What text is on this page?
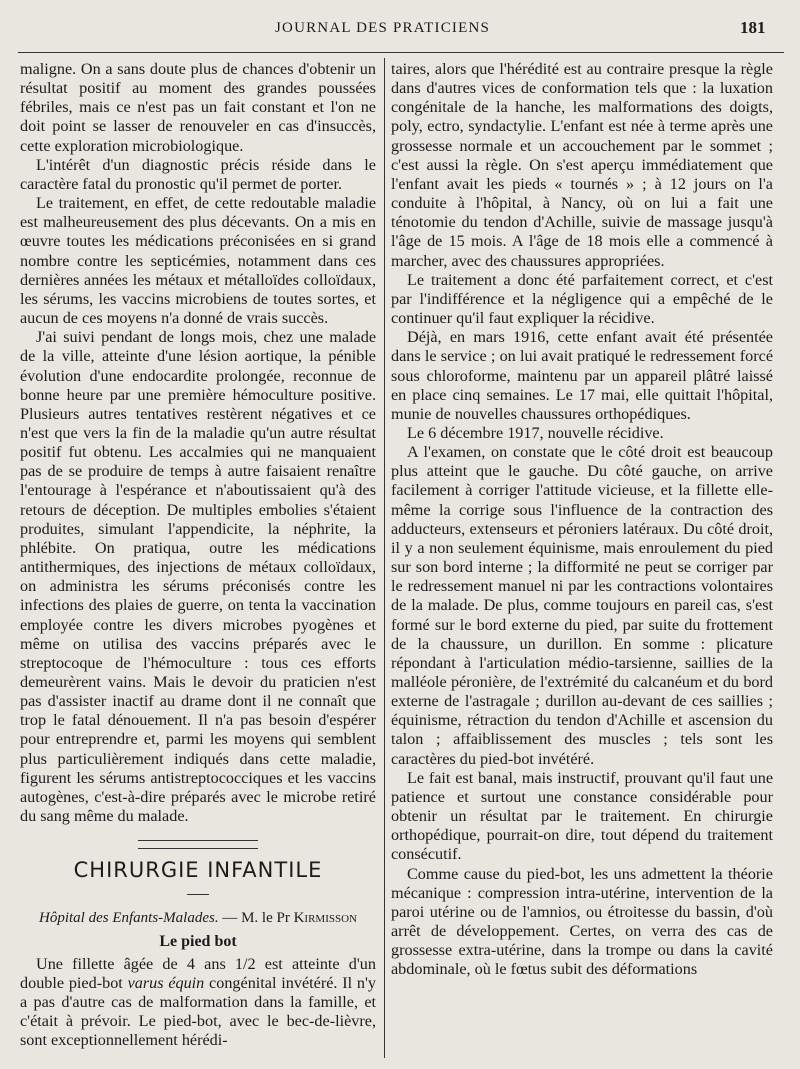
JOURNAL DES PRATICIENS	181

maligne. On a sans doute plus de chances d'obtenir un résultat positif au moment des grandes poussées fébriles, mais ce n'est pas un fait constant et l'on ne doit point se lasser de renouveler en cas d'insuccès, cette exploration microbiologique.

L'intérêt d'un diagnostic précis réside dans le caractère fatal du pronostic qu'il permet de porter.

Le traitement, en effet, de cette redoutable maladie est malheureusement des plus décevants. On a mis en œuvre toutes les médications préconisées en si grand nombre contre les septicémies, notamment dans ces dernières années les métaux et métalloïdes colloïdaux, les sérums, les vaccins microbiens de toutes sortes, et aucun de ces moyens n'a donné de vrais succès.

J'ai suivi pendant de longs mois, chez une malade de la ville, atteinte d'une lésion aortique, la pénible évolution d'une endocardite prolongée, reconnue de bonne heure par une première hémoculture positive. Plusieurs autres tentatives restèrent négatives et ce n'est que vers la fin de la maladie qu'un autre résultat positif fut obtenu. Les accalmies qui ne manquaient pas de se produire de temps à autre faisaient renaître l'entourage à l'espérance et n'aboutissaient qu'à des retours de déception. De multiples embolies s'étaient produites, simulant l'appendicite, la néphrite, la phlébite. On pratiqua, outre les médications antithermiques, des injections de métaux colloïdaux, on administra les sérums préconisés contre les infections des plaies de guerre, on tenta la vaccination employée contre les divers microbes pyogènes et même on utilisa des vaccins préparés avec le streptocoque de l'hémoculture : tous ces efforts demeurèrent vains. Mais le devoir du praticien n'est pas d'assister inactif au drame dont il ne connaît que trop le fatal dénouement. Il n'a pas besoin d'espérer pour entreprendre et, parmi les moyens qui semblent plus particulièrement indiqués dans cette maladie, figurent les sérums antistreptococciques et les vaccins autogènes, c'est-à-dire préparés avec le microbe retiré du sang même du malade.

CHIRURGIE INFANTILE
Hôpital des Enfants-Malades. — M. le Pr Kirmisson
Le pied bot

Une fillette âgée de 4 ans 1/2 est atteinte d'un double pied-bot varus équin congénital invétéré. Il n'y a pas d'autre cas de malformation dans la famille, et c'était à prévoir. Le pied-bot, avec le bec-de-lièvre, sont exceptionnellement hérédi-

taires, alors que l'hérédité est au contraire presque la règle dans d'autres vices de conformation tels que : la luxation congénitale de la hanche, les malformations des doigts, poly, ectro, syndactylie. L'enfant est née à terme après une grossesse normale et un accouchement par le sommet ; c'est aussi la règle. On s'est aperçu immédiatement que l'enfant avait les pieds « tournés » ; à 12 jours on l'a conduite à l'hôpital, à Nancy, où on lui a fait une ténotomie du tendon d'Achille, suivie de massage jusqu'à l'âge de 15 mois. A l'âge de 18 mois elle a commencé à marcher, avec des chaussures appropriées.

Le traitement a donc été parfaitement correct, et c'est par l'indifférence et la négligence qui a empêché de le continuer qu'il faut expliquer la récidive.

Déjà, en mars 1916, cette enfant avait été présentée dans le service ; on lui avait pratiqué le redressement forcé sous chloroforme, maintenu par un appareil plâtré laissé en place cinq semaines. Le 17 mai, elle quittait l'hôpital, munie de nouvelles chaussures orthopédiques.

Le 6 décembre 1917, nouvelle récidive.

A l'examen, on constate que le côté droit est beaucoup plus atteint que le gauche. Du côté gauche, on arrive facilement à corriger l'attitude vicieuse, et la fillette elle-même la corrige sous l'influence de la contraction des adducteurs, extenseurs et péroniers latéraux. Du côté droit, il y a non seulement équinisme, mais enroulement du pied sur son bord interne ; la difformité ne peut se corriger par le redressement manuel ni par les contractions volontaires de la malade. De plus, comme toujours en pareil cas, s'est formé sur le bord externe du pied, par suite du frottement de la chaussure, un durillon. En somme : plicature répondant à l'articulation médio-tarsienne, saillies de la malléole péronière, de l'extrémité du calcanéum et du bord externe de l'astragale ; durillon au-devant de ces saillies ; équinisme, rétraction du tendon d'Achille et ascension du talon ; affaiblissement des muscles ; tels sont les caractères du pied-bot invétéré.

Le fait est banal, mais instructif, prouvant qu'il faut une patience et surtout une constance considérable pour obtenir un résultat par le traitement. En chirurgie orthopédique, pourrait-on dire, tout dépend du traitement consécutif.

Comme cause du pied-bot, les uns admettent la théorie mécanique : compression intra-utérine, intervention de la paroi utérine ou de l'amnios, ou étroitesse du bassin, d'où arrêt de développement. Certes, on verra des cas de grossesse extra-utérine, dans la trompe ou dans la cavité abdominale, où le fœtus subit des déformations
